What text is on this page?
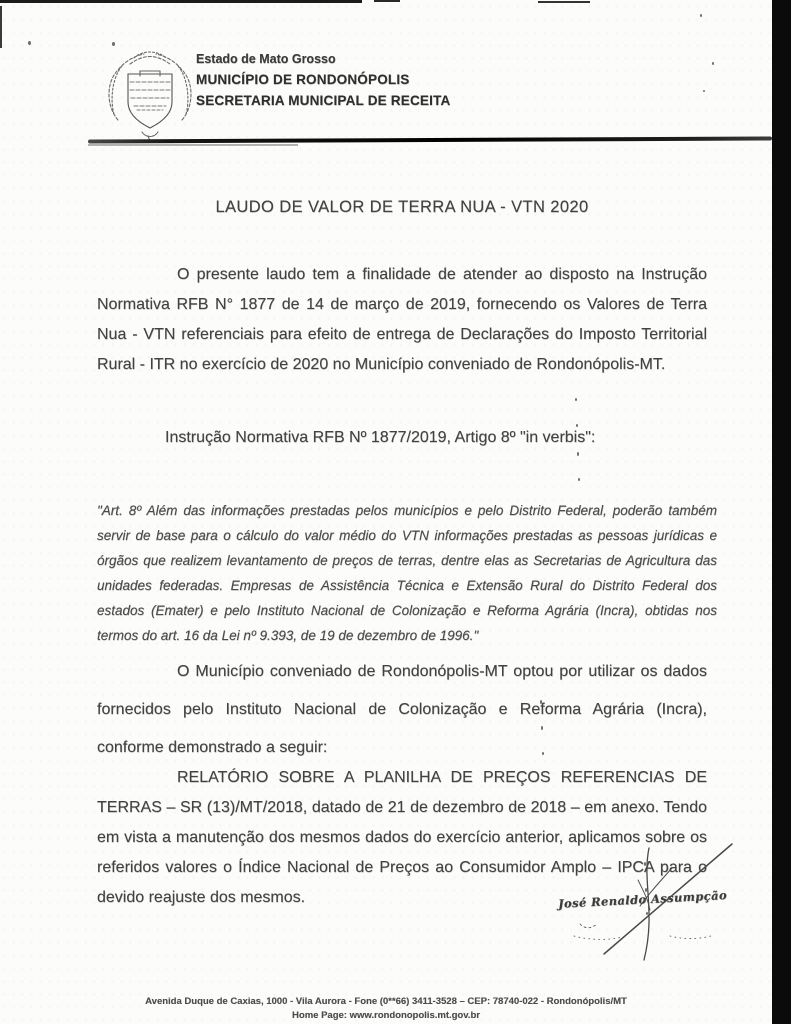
Estado de Mato Grosso

MUNICÍPIO DE RONDONÓPOLIS

SECRETARIA MUNICIPAL DE RECEITA

LAUDO DE VALOR DE TERRA NUA - VTN 2020
O presente laudo tem a finalidade de atender ao disposto na Instrução Normativa RFB N° 1877 de 14 de março de 2019, fornecendo os Valores de Terra Nua - VTN referenciais para efeito de entrega de Declarações do Imposto Territorial Rural - ITR no exercício de 2020 no Município conveniado de Rondonópolis-MT.
Instrução Normativa RFB Nº 1877/2019, Artigo 8º "in verbis":
"Art. 8º Além das informações prestadas pelos municípios e pelo Distrito Federal, poderão também servir de base para o cálculo do valor médio do VTN informações prestadas as pessoas jurídicas e órgãos que realizem levantamento de preços de terras, dentre elas as Secretarias de Agricultura das unidades federadas. Empresas de Assistência Técnica e Extensão Rural do Distrito Federal dos estados (Emater) e pelo Instituto Nacional de Colonização e Reforma Agrária (Incra), obtidas nos termos do art. 16 da Lei nº 9.393, de 19 de dezembro de 1996."
O Município conveniado de Rondonópolis-MT optou por utilizar os dados fornecidos pelo Instituto Nacional de Colonização e Reforma Agrária (Incra), conforme demonstrado a seguir:
RELATÓRIO SOBRE A PLANILHA DE PREÇOS REFERENCIAS DE TERRAS – SR (13)/MT/2018, datado de 21 de dezembro de 2018 – em anexo. Tendo em vista a manutenção dos mesmos dados do exercício anterior, aplicamos sobre os referidos valores o Índice Nacional de Preços ao Consumidor Amplo – IPCA para o devido reajuste dos mesmos.	José Renaldo Assumpção
Avenida Duque de Caxias, 1000 - Vila Aurora - Fone (0**66) 3411-3528 – CEP: 78740-022 - Rondonópolis/MT
Home Page: www.rondonopolis.mt.gov.br
